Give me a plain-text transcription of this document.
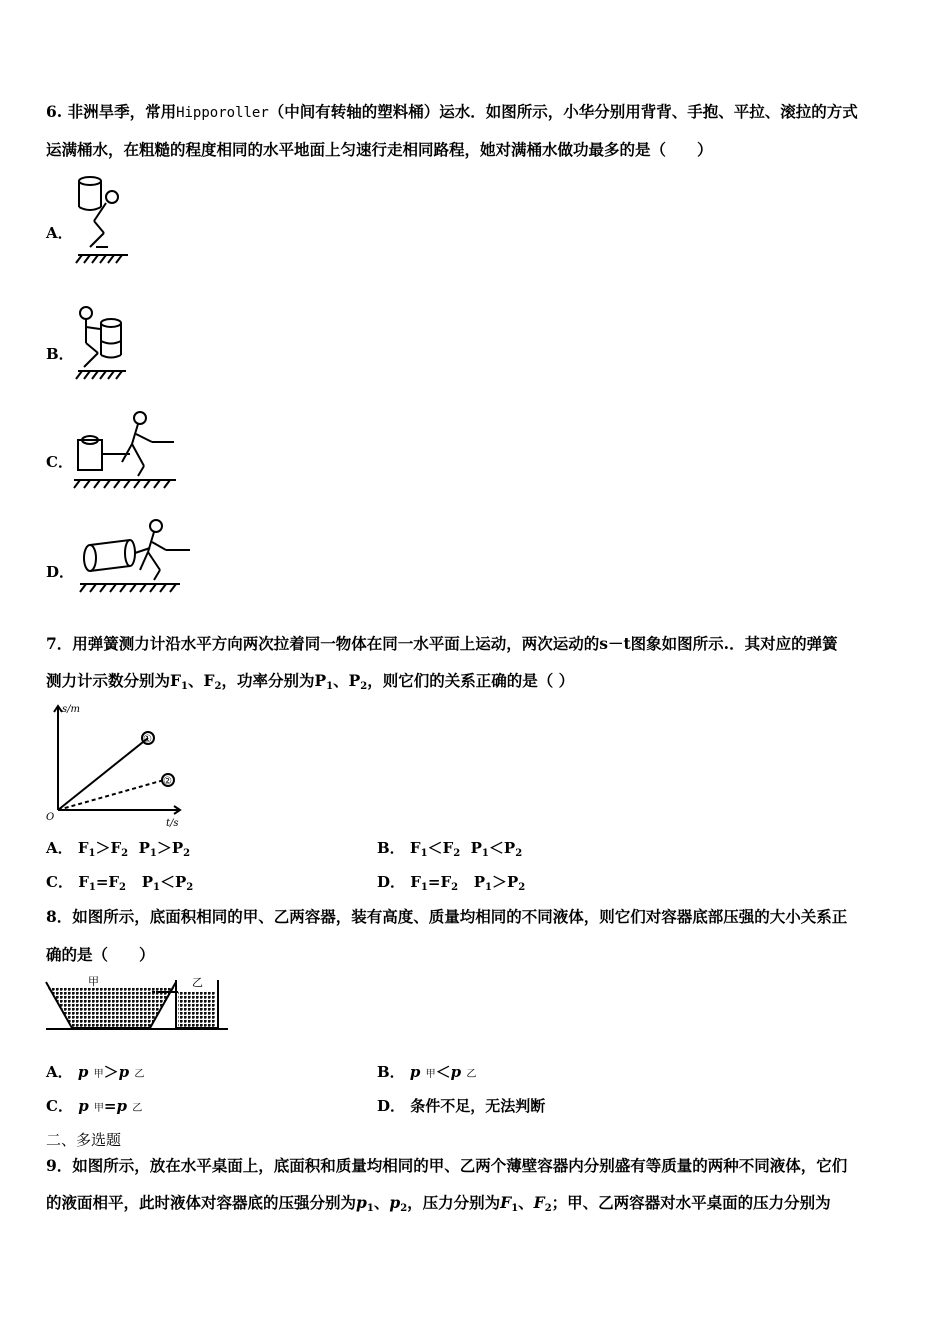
6. 非洲旱季，常用Hipporoller（中间有转轴的塑料桶）运水．如图所示，小华分别用背背、手抱、平拉、滚拉的方式
运满桶水，在粗糙的程度相同的水平地面上匀速行走相同路程，她对满桶水做功最多的是（　　）
A．
B．
C．
D．
7．用弹簧测力计沿水平方向两次拉着同一物体在同一水平面上运动，两次运动的s－t图象如图所示.．其对应的弹簧
测力计示数分别为$F_1$、$F_2$，功率分别为$P_1$、$P_2$，则它们的关系正确的是（ ）
①
②
s/m
t/s
O
A． $F_1>F_2$ $P_1>P_2$	B． $F_1<F_2$ $P_1<P_2$
C． $F_1=F_2$ $P_1<P_2$	D． $F_1=F_2$ $P_1>P_2$
8．如图所示，底面积相同的甲、乙两容器，装有高度、质量均相同的不同液体，则它们对容器底部压强的大小关系正
确的是（　　）
甲	乙
A． p 甲＞p 乙	B． p 甲＜p 乙
C． p 甲=p 乙	D． 条件不足，无法判断
二、多选题
9．如图所示，放在水平桌面上，底面积和质量均相同的甲、乙两个薄壁容器内分别盛有等质量的两种不同液体，它们
的液面相平，此时液体对容器底的压强分别为$p_1$、$p_2$，压力分别为$F_1$、$F_2$；甲、乙两容器对水平桌面的压力分别为
